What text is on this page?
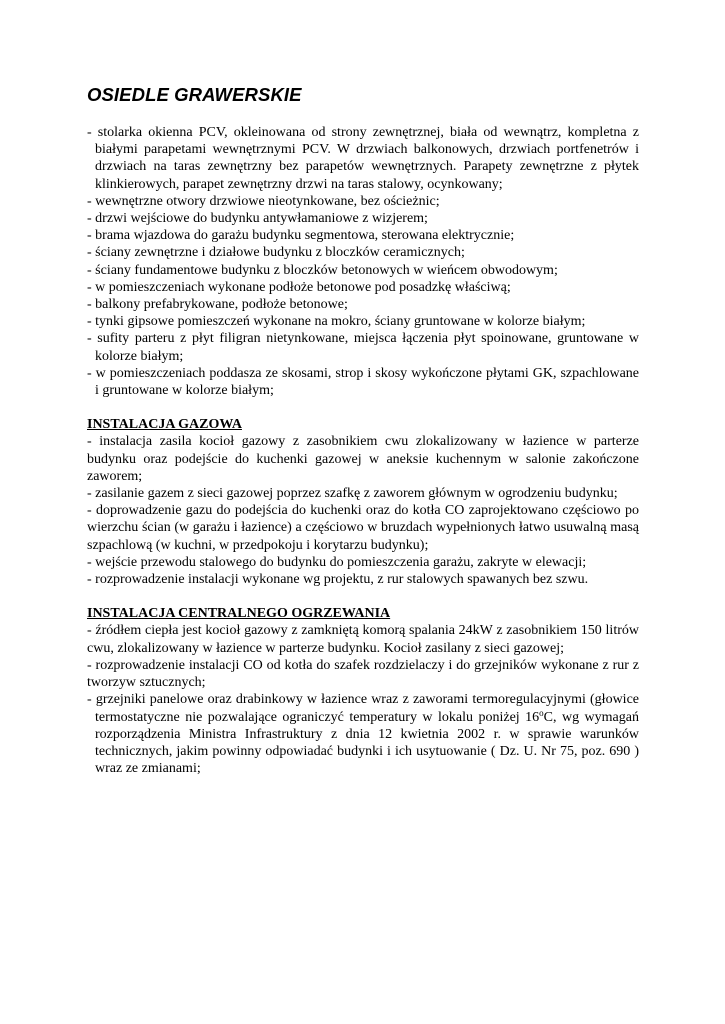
OSIEDLE GRAWERSKIE

- stolarka okienna PCV, okleinowana od strony zewnętrznej, biała od wewnątrz, kompletna z białymi parapetami wewnętrznymi PCV. W drzwiach balkonowych, drzwiach portfenetrów i drzwiach na taras zewnętrzny bez parapetów wewnętrznych. Parapety zewnętrzne z płytek klinkierowych, parapet zewnętrzny drzwi na taras stalowy, ocynkowany;

- wewnętrzne otwory drzwiowe nieotynkowane, bez ościeżnic;

- drzwi wejściowe do budynku antywłamaniowe z wizjerem;

- brama wjazdowa do garażu budynku segmentowa, sterowana elektrycznie;

- ściany zewnętrzne i działowe budynku z bloczków ceramicznych;

- ściany fundamentowe budynku z bloczków betonowych w wieńcem obwodowym;

- w pomieszczeniach wykonane podłoże betonowe pod posadzkę właściwą;

- balkony prefabrykowane, podłoże betonowe;

- tynki gipsowe pomieszczeń wykonane na mokro, ściany gruntowane w kolorze białym;

- sufity parteru z płyt filigran nietynkowane, miejsca łączenia płyt spoinowane, gruntowane w kolorze białym;

- w pomieszczeniach poddasza ze skosami, strop i skosy wykończone płytami GK, szpachlowane i gruntowane w kolorze białym;

INSTALACJA GAZOWA

- instalacja zasila kocioł gazowy z zasobnikiem cwu zlokalizowany w łazience w parterze budynku oraz podejście do kuchenki gazowej w aneksie kuchennym w salonie zakończone zaworem;

- zasilanie gazem z sieci gazowej poprzez szafkę z zaworem głównym w ogrodzeniu budynku;

- doprowadzenie gazu do podejścia do kuchenki oraz do kotła CO zaprojektowano częściowo po wierzchu ścian (w garażu i łazience) a częściowo w bruzdach wypełnionych łatwo usuwalną masą szpachlową (w kuchni, w przedpokoju i korytarzu budynku);

- wejście przewodu stalowego do budynku do pomieszczenia garażu, zakryte w elewacji;

- rozprowadzenie instalacji wykonane wg projektu, z rur stalowych spawanych bez szwu.

INSTALACJA CENTRALNEGO OGRZEWANIA

- źródłem ciepła jest kocioł gazowy z zamkniętą komorą spalania 24kW z zasobnikiem 150 litrów cwu, zlokalizowany w łazience w parterze budynku. Kocioł zasilany z sieci gazowej;

- rozprowadzenie instalacji CO od kotła do szafek rozdzielaczy i do grzejników wykonane z rur z tworzyw sztucznych;

- grzejniki panelowe oraz drabinkowy w łazience wraz z zaworami termoregulacyjnymi (głowice termostatyczne nie pozwalające ograniczyć temperatury w lokalu poniżej 16$^o$C, wg wymagań rozporządzenia Ministra Infrastruktury z dnia 12 kwietnia 2002 r. w sprawie warunków technicznych, jakim powinny odpowiadać budynki i ich usytuowanie ( Dz. U. Nr 75, poz. 690 ) wraz ze zmianami;
